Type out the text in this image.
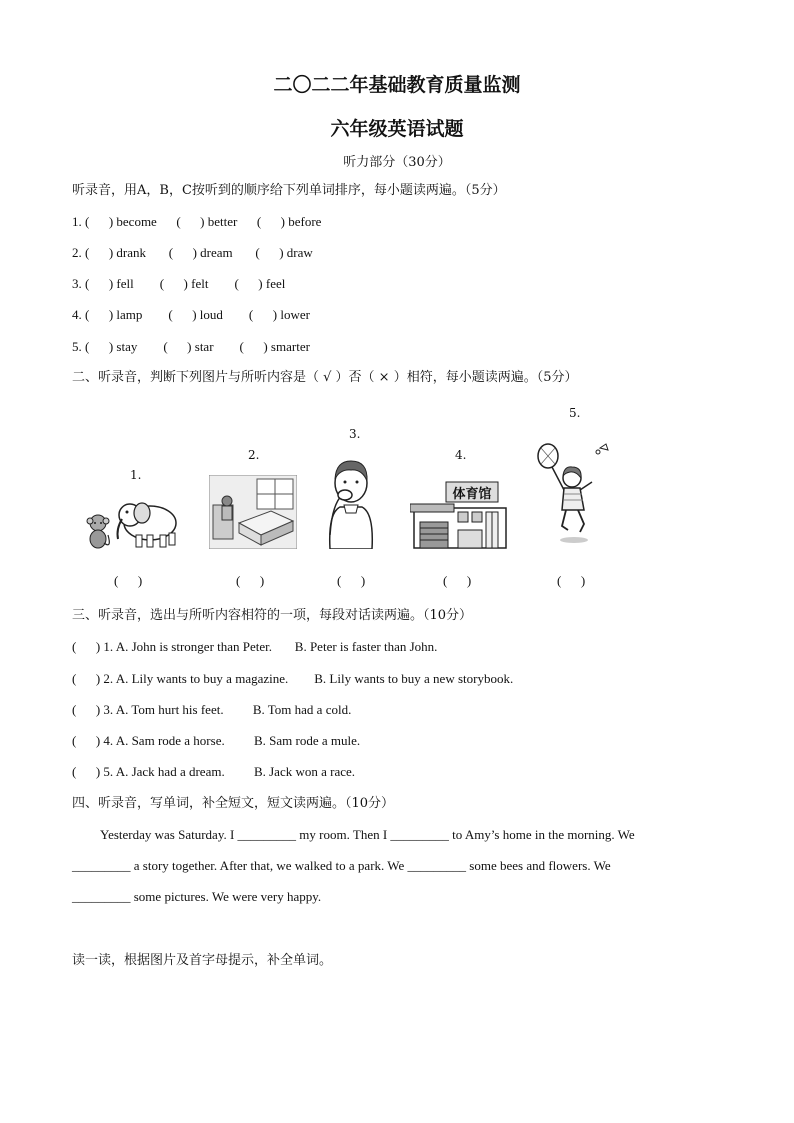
二〇二二年基础教育质量监测
六年级英语试题
听力部分（30分）
听录音，用A，B，C按听到的顺序给下列单词排序，每小题读两遍。（5分）
1. (      ) become      (      ) better      (      ) before
2. (      ) drank       (      ) dream       (      ) draw
3. (      ) fell        (      ) felt        (      ) feel
4. (      ) lamp        (      ) loud        (      ) lower
5. (      ) stay        (      ) star        (      ) smarter
二、听录音，判断下列图片与所听内容是（ √ ）否（ × ）相符，每小题读两遍。（5分）
1.
2.
3.
4.
5.
体育馆
(      )	(      )	(      )	(      )	(      )
三、听录音，选出与所听内容相符的一项，每段对话读两遍。（10分）
(      ) 1. A. John is stronger than Peter.       B. Peter is faster than John.
(      ) 2. A. Lily wants to buy a magazine.        B. Lily wants to buy a new storybook.
(      ) 3. A. Tom hurt his feet.         B. Tom had a cold.
(      ) 4. A. Sam rode a horse.         B. Sam rode a mule.
(      ) 5. A. Jack had a dream.         B. Jack won a race.
四、听录音，写单词，补全短文，短文读两遍。（10分）
Yesterday was Saturday. I _________ my room. Then I _________ to Amy’s home in the morning. We
_________ a story together. After that, we walked to a park. We _________ some bees and flowers. We
_________ some pictures. We were very happy.
读一读，根据图片及首字母提示，补全单词。
